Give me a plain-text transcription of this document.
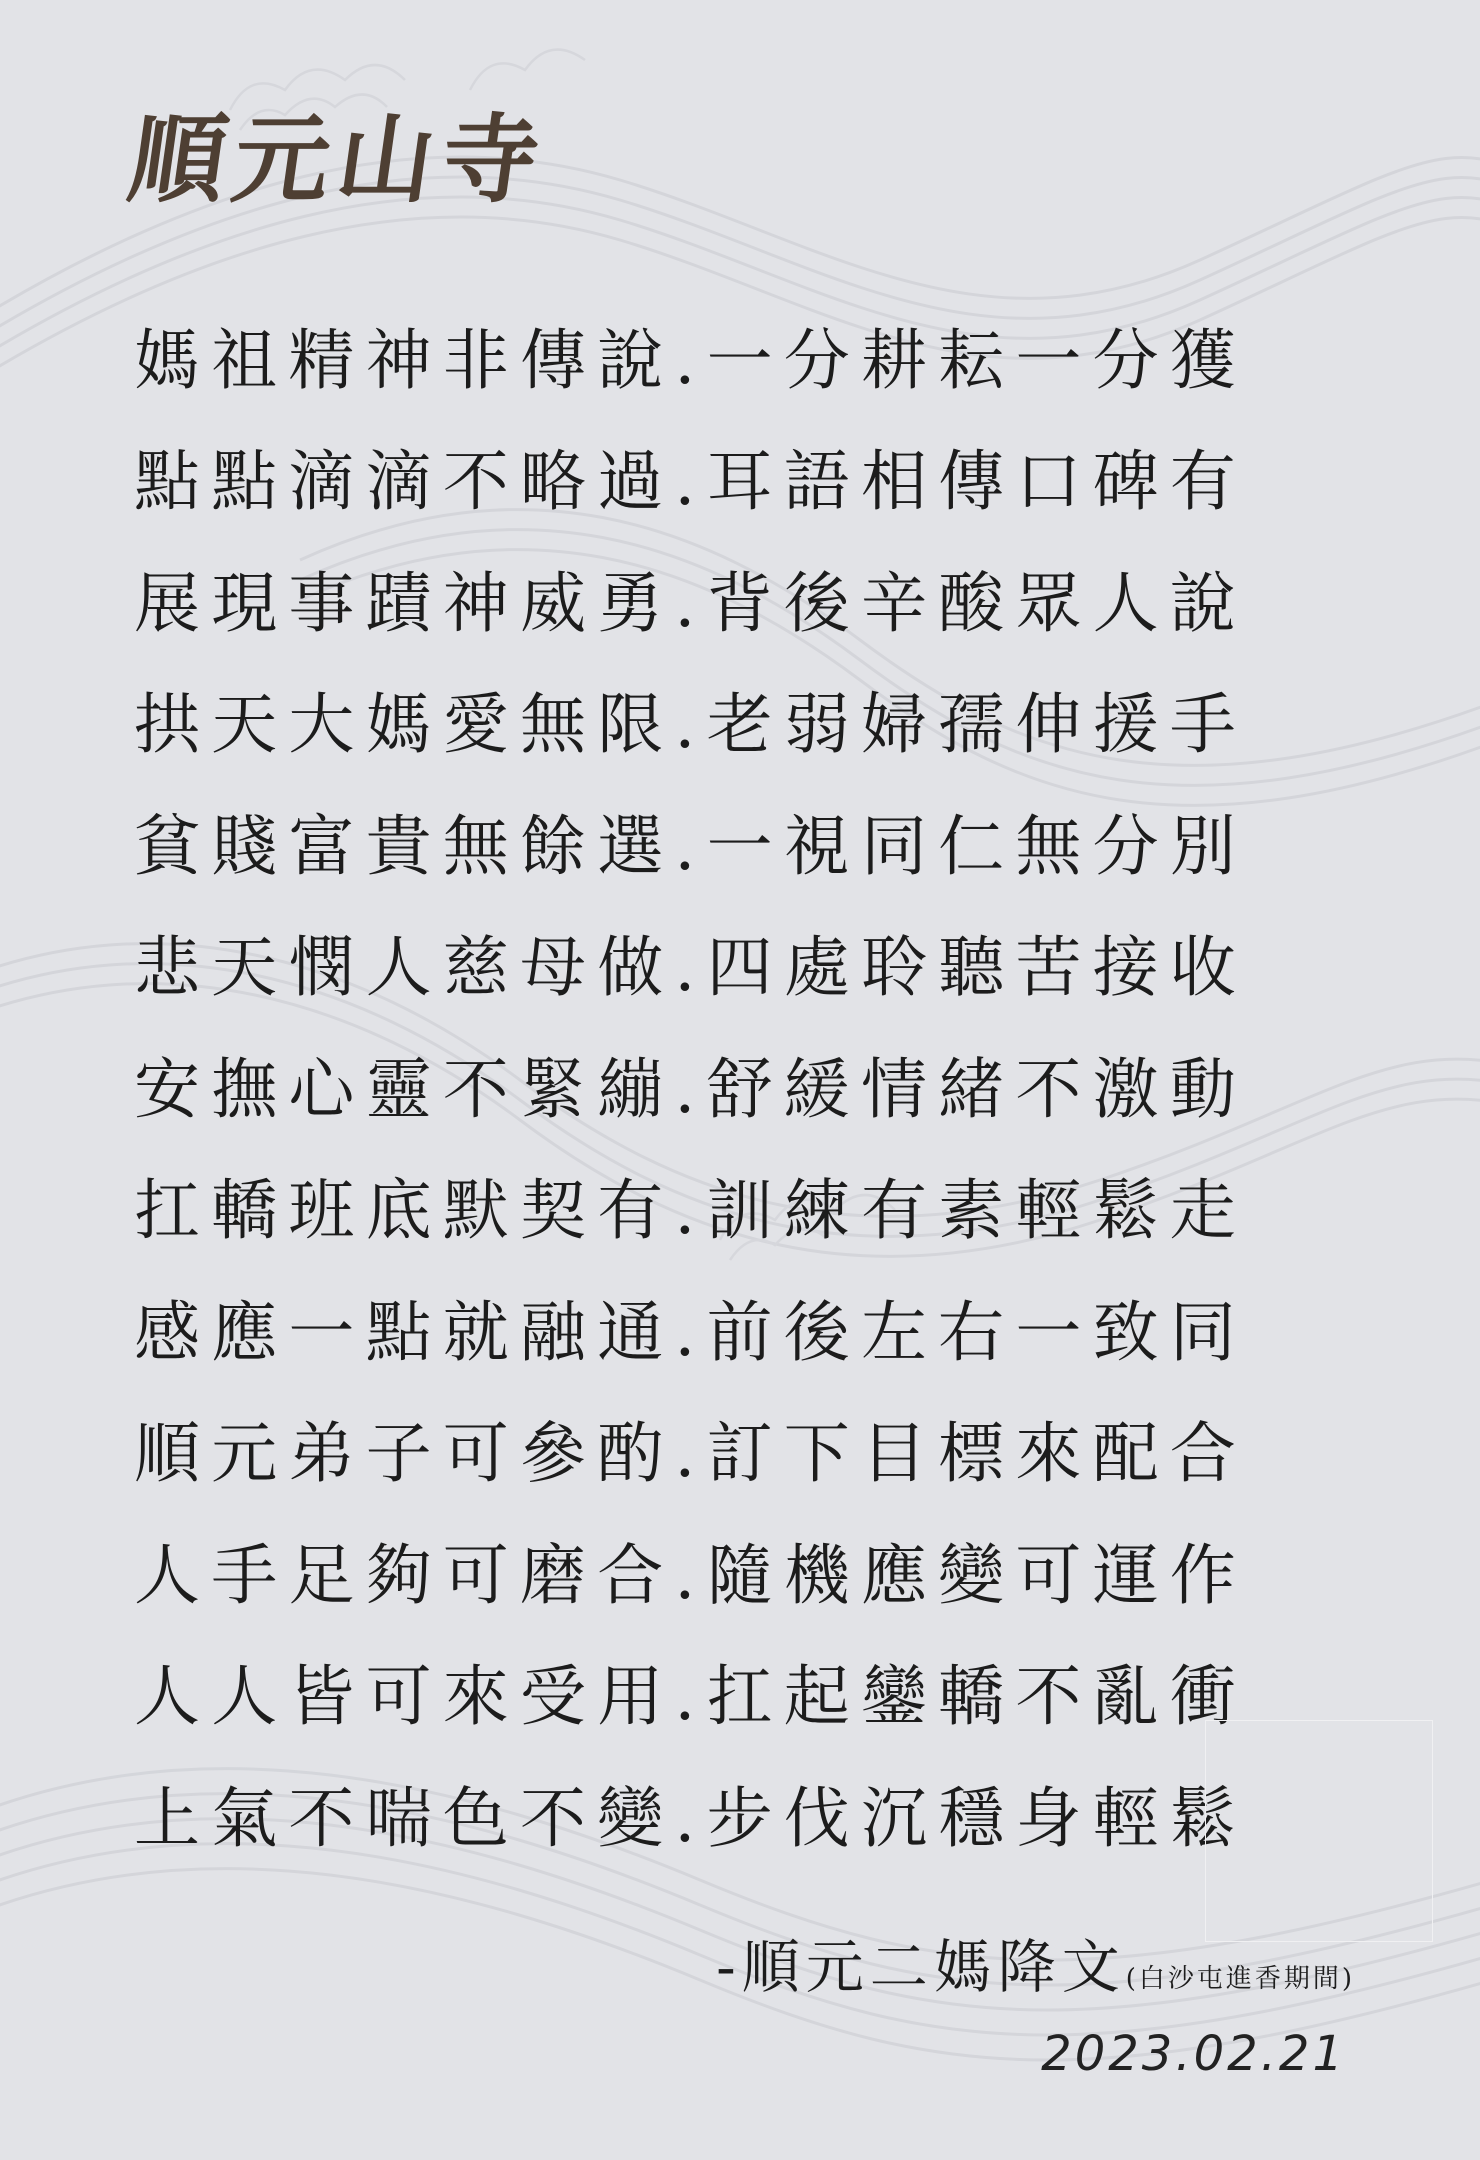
順元山寺
媽祖精神非傳說.一分耕耘一分獲
點點滴滴不略過.耳語相傳口碑有
展現事蹟神威勇.背後辛酸眾人說
拱天大媽愛無限.老弱婦孺伸援手
貧賤富貴無餘選.一視同仁無分別
悲天憫人慈母做.四處聆聽苦接收
安撫心靈不緊繃.舒緩情緒不激動
扛轎班底默契有.訓練有素輕鬆走
感應一點就融通.前後左右一致同
順元弟子可參酌.訂下目標來配合
人手足夠可磨合.隨機應變可運作
人人皆可來受用.扛起鑾轎不亂衝
上氣不喘色不變.步伐沉穩身輕鬆
-順元二媽降文 (白沙屯進香期間)
2023.02.21
